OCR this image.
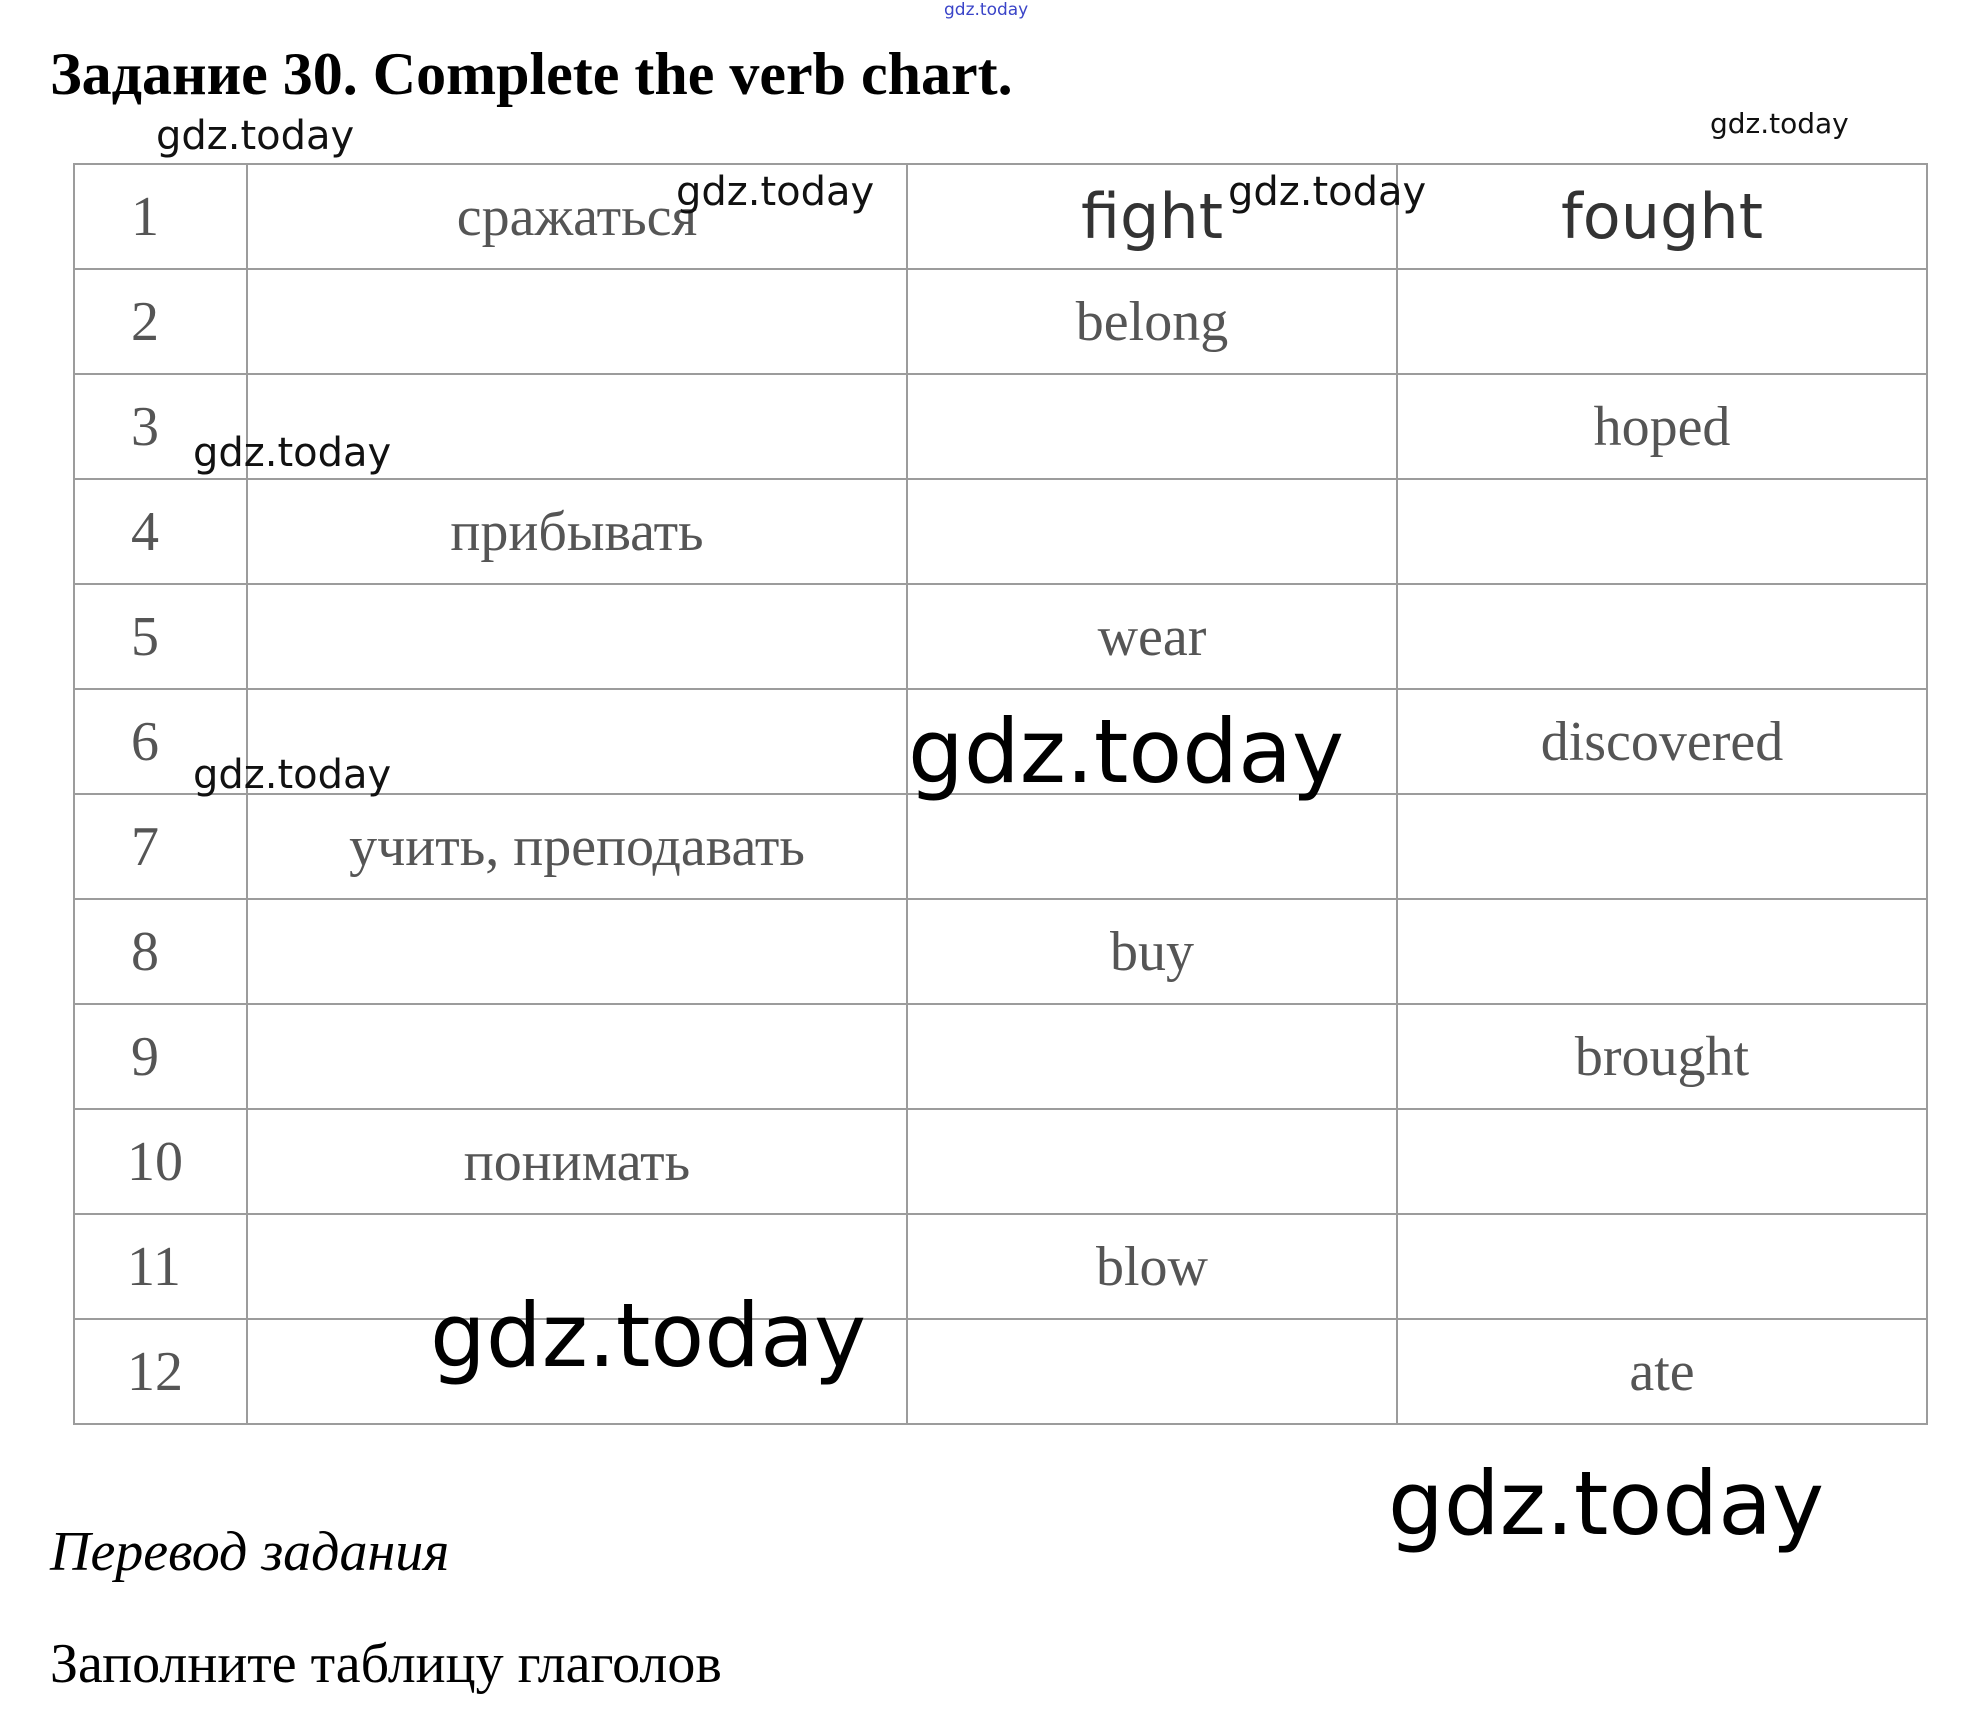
gdz.today
Задание 30. Complete the verb chart.
1	сражаться	fight	fought
2		belong	
3			hoped
4	прибывать		
5		wear	
6			discovered
7	учить, преподавать		
8		buy	
9			brought
10	понимать		
11		blow	
12			ate
gdz.today	gdz.today
gdz.today	gdz.today
gdz.today
gdz.today	gdz.today
gdz.today
gdz.today
Перевод задания
Заполните таблицу глаголов
